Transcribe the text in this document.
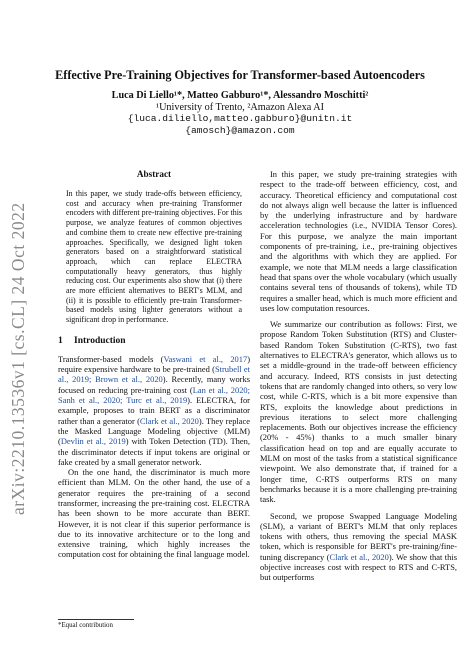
arXiv:2210.13536v1 [cs.CL] 24 Oct 2022
Effective Pre-Training Objectives for Transformer-based Autoencoders
Luca Di Liello¹*, Matteo Gabburo¹*, Alessandro Moschitti²
¹University of Trento, ²Amazon Alexa AI
{luca.diliello,matteo.gabburo}@unitn.it
{amosch}@amazon.com
Abstract

In this paper, we study trade-offs between efficiency, cost and accuracy when pre-training Transformer encoders with different pre-training objectives. For this purpose, we analyze features of common objectives and combine them to create new effective pre-training approaches. Specifically, we designed light token generators based on a straightforward statistical approach, which can replace ELECTRA computationally heavy generators, thus highly reducing cost. Our experiments also show that (i) there are more efficient alternatives to BERT's MLM, and (ii) it is possible to efficiently pre-train Transformer-based models using lighter generators without a significant drop in performance.

1 Introduction

Transformer-based models (Vaswani et al., 2017) require expensive hardware to be pre-trained (Strubell et al., 2019; Brown et al., 2020). Recently, many works focused on reducing pre-training cost (Lan et al., 2020; Sanh et al., 2020; Turc et al., 2019). ELECTRA, for example, proposes to train BERT as a discriminator rather than a generator (Clark et al., 2020). They replace the Masked Language Modeling objective (MLM) (Devlin et al., 2019) with Token Detection (TD). Then, the discriminator detects if input tokens are original or fake created by a small generator network.

On the one hand, the discriminator is much more efficient than MLM. On the other hand, the use of a generator requires the pre-training of a second transformer, increasing the pre-training cost. ELECTRA has been shown to be more accurate than BERT. However, it is not clear if this superior performance is due to its innovative architecture or to the long and extensive training, which highly increases the computation cost for obtaining the final language model.

*Equal contribution

In this paper, we study pre-training strategies with respect to the trade-off between efficiency, cost, and accuracy. Theoretical efficiency and computational cost do not always align well because the latter is influenced by the underlying infrastructure and by hardware acceleration technologies (i.e., NVIDIA Tensor Cores). For this purpose, we analyze the main important components of pre-training, i.e., pre-training objectives and the algorithms with which they are applied. For example, we note that MLM needs a large classification head that spans over the whole vocabulary (which usually contains several tens of thousands of tokens), while TD requires a smaller head, which is much more efficient and uses low computation resources.

We summarize our contribution as follows: First, we propose Random Token Substitution (RTS) and Cluster-based Random Token Substitution (C-RTS), two fast alternatives to ELECTRA's generator, which allows us to set a middle-ground in the trade-off between efficiency and accuracy. Indeed, RTS consists in just detecting tokens that are randomly changed into others, so very low cost, while C-RTS, which is a bit more expensive than RTS, exploits the knowledge about predictions in previous iterations to select more challenging replacements. Both our objectives increase the efficiency (20% - 45%) thanks to a much smaller binary classification head on top and are equally accurate to MLM on most of the tasks from a statistical significance viewpoint. We also demonstrate that, if trained for a longer time, C-RTS outperforms RTS on many benchmarks because it is a more challenging pre-training task.

Second, we propose Swapped Language Modeling (SLM), a variant of BERT's MLM that only replaces tokens with others, thus removing the special MASK token, which is responsible for BERT's pre-training/fine-tuning discrepancy (Clark et al., 2020). We show that this objective increases cost with respect to RTS and C-RTS, but outperforms
